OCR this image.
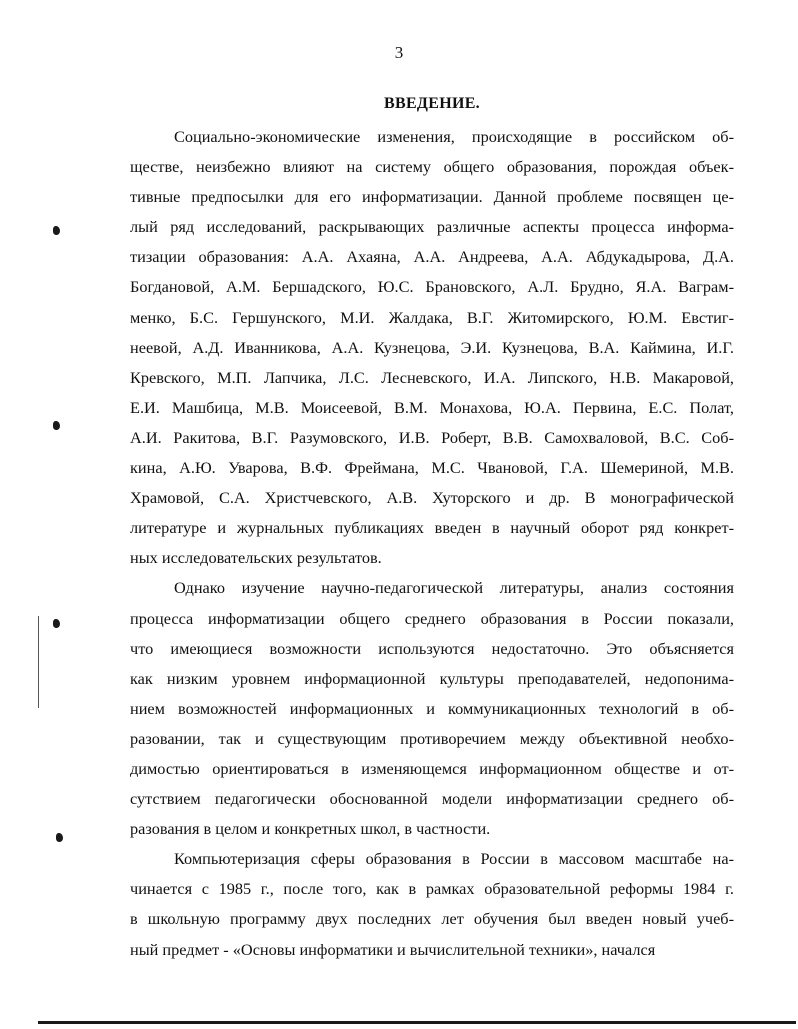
3
ВВЕДЕНИЕ.
Социально-экономические изменения, происходящие в российском об-
ществе, неизбежно влияют на систему общего образования, порождая объек-
тивные предпосылки для его информатизации. Данной проблеме посвящен це-
лый ряд исследований, раскрывающих различные аспекты процесса информа-
тизации образования: А.А. Ахаяна, А.А. Андреева, А.А. Абдукадырова, Д.А.
Богдановой, А.М. Бершадского, Ю.С. Брановского, А.Л. Брудно, Я.А. Ваграм-
менко, Б.С. Гершунского, М.И. Жалдака, В.Г. Житомирского, Ю.М. Евстиг-
неевой, А.Д. Иванникова, А.А. Кузнецова, Э.И. Кузнецова, В.А. Каймина, И.Г.
Кревского, М.П. Лапчика, Л.С. Лесневского, И.А. Липского, Н.В. Макаровой,
Е.И. Машбица, М.В. Моисеевой, В.М. Монахова, Ю.А. Первина, Е.С. Полат,
А.И. Ракитова, В.Г. Разумовского, И.В. Роберт, В.В. Самохваловой, В.С. Соб-
кина, А.Ю. Уварова, В.Ф. Фреймана, М.С. Чвановой, Г.А. Шемериной, М.В.
Храмовой, С.А. Христчевского, А.В. Хуторского и др. В монографической
литературе и журнальных публикациях введен в научный оборот ряд конкрет-
ных исследовательских результатов.
Однако изучение научно-педагогической литературы, анализ состояния
процесса информатизации общего среднего образования в России показали,
что имеющиеся возможности используются недостаточно. Это объясняется
как низким уровнем информационной культуры преподавателей, недопонима-
нием возможностей информационных и коммуникационных технологий в об-
разовании, так и существующим противоречием между объективной необхо-
димостью ориентироваться в изменяющемся информационном обществе и от-
сутствием педагогически обоснованной модели информатизации среднего об-
разования в целом и конкретных школ, в частности.
Компьютеризация сферы образования в России в массовом масштабе на-
чинается с 1985 г., после того, как в рамках образовательной реформы 1984 г.
в школьную программу двух последних лет обучения был введен новый учеб-
ный предмет - «Основы информатики и вычислительной техники», начался
